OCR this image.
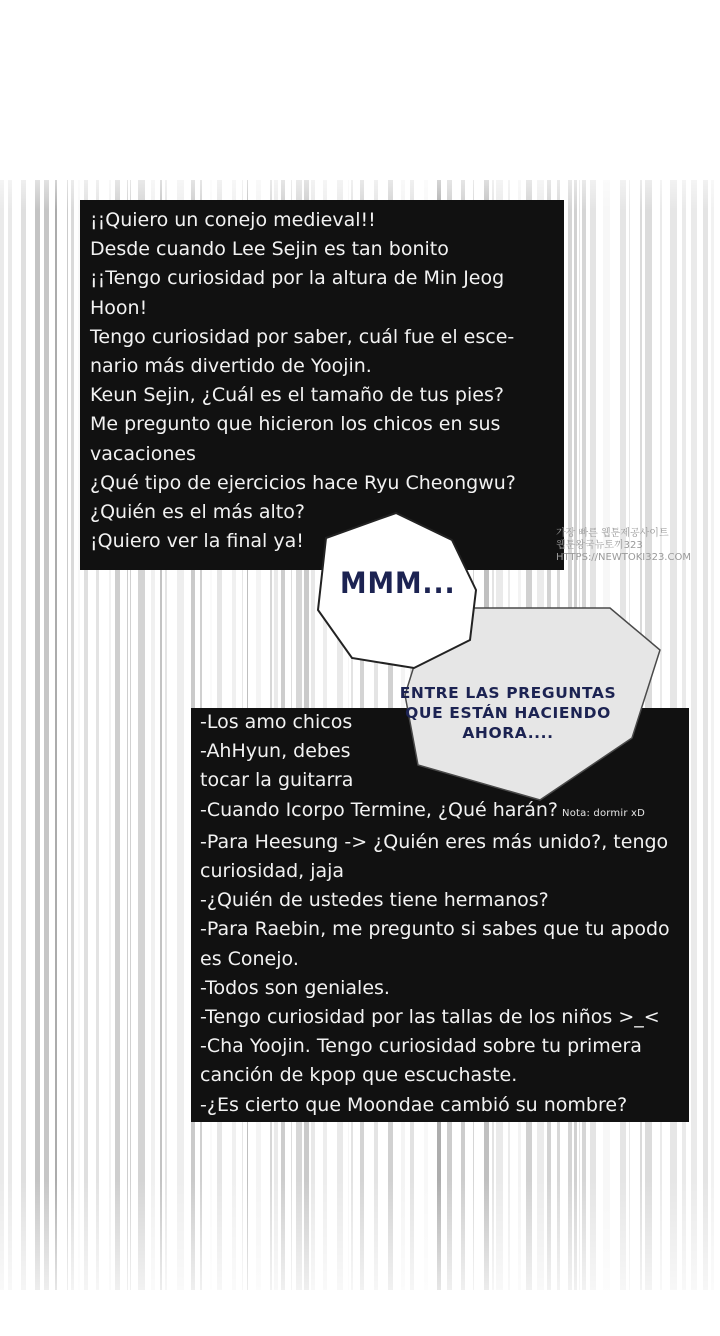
¡¡Quiero un conejo medieval!!
Desde cuando Lee Sejin es tan bonito
¡¡Tengo curiosidad por la altura de Min Jeog
Hoon!
Tengo curiosidad por saber, cuál fue el esce-
nario más divertido de Yoojin.
Keun Sejin, ¿Cuál es el tamaño de tus pies?
Me pregunto que hicieron los chicos en sus
vacaciones
¿Qué tipo de ejercicios hace Ryu Cheongwu?
¿Quién es el más alto?
¡Quiero ver la final ya!
-Los amo chicos
-AhHyun, debes
tocar la guitarra
-Cuando Icorpo Termine, ¿Qué harán? Nota: dormir xD
-Para Heesung -> ¿Quién eres más unido?, tengo
curiosidad, jaja
-¿Quién de ustedes tiene hermanos?
-Para Raebin, me pregunto si sabes que tu apodo
es Conejo.
-Todos son geniales.
-Tengo curiosidad por las tallas de los niños >_<
-Cha Yoojin. Tengo curiosidad sobre tu primera
canción de kpop que escuchaste.
-¿Es cierto que Moondae cambió su nombre?
MMM...
ENTRE LAS PREGUNTAS
QUE ESTÁN HACIENDO
AHORA....
가장 빠른 웹툰제공사이트
웹툰왕국뉴토끼323
HTTPS://NEWTOKI323.COM
